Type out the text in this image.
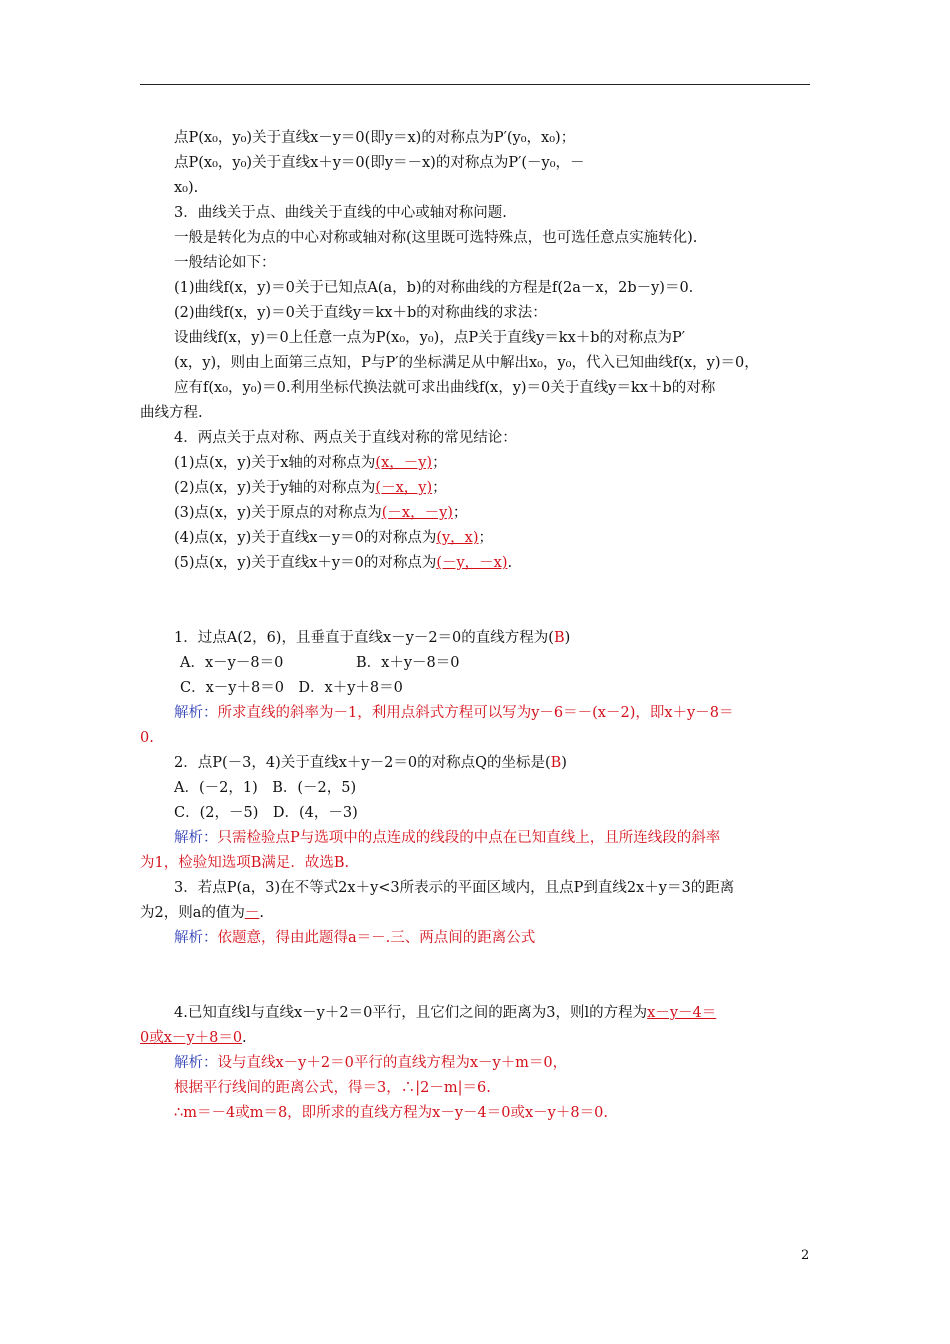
点P(x₀，y₀)关于直线x－y＝0(即y＝x)的对称点为P′(y₀，x₀)；
点P(x₀，y₀)关于直线x＋y＝0(即y＝－x)的对称点为P′(－y₀，－
x₀).
3．曲线关于点、曲线关于直线的中心或轴对称问题.
一般是转化为点的中心对称或轴对称(这里既可选特殊点，也可选任意点实施转化).
一般结论如下：
(1)曲线f(x，y)＝0关于已知点A(a，b)的对称曲线的方程是f(2a－x，2b－y)＝0.
(2)曲线f(x，y)＝0关于直线y＝kx＋b的对称曲线的求法：
设曲线f(x，y)＝0上任意一点为P(x₀，y₀)，点P关于直线y＝kx＋b的对称点为P′
(x，y)，则由上面第三点知，P与P′的坐标满足从中解出x₀，y₀，代入已知曲线f(x，y)＝0，
应有f(x₀，y₀)＝0.利用坐标代换法就可求出曲线f(x，y)＝0关于直线y＝kx＋b的对称
曲线方程.
4．两点关于点对称、两点关于直线对称的常见结论：
(1)点(x，y)关于x轴的对称点为(x，－y)；
(2)点(x，y)关于y轴的对称点为(－x，y)；
(3)点(x，y)关于原点的对称点为(－x，－y)；
(4)点(x，y)关于直线x－y＝0的对称点为(y，x)；
(5)点(x，y)关于直线x＋y＝0的对称点为(－y，－x).
1．过点A(2，6)，且垂直于直线x－y－2＝0的直线方程为(B)
A．x－y－8＝0	B．x＋y－8＝0
C．x－y＋8＝0　D．x＋y＋8＝0
解析：所求直线的斜率为－1，利用点斜式方程可以写为y－6＝－(x－2)，即x＋y－8＝
0.
2．点P(－3，4)关于直线x＋y－2＝0的对称点Q的坐标是(B)
A．(－2，1)　B．(－2，5)
C．(2，－5)　D．(4，－3)
解析：只需检验点P与选项中的点连成的线段的中点在已知直线上，且所连线段的斜率
为1，检验知选项B满足．故选B.
3．若点P(a，3)在不等式2x＋y<3所表示的平面区域内，且点P到直线2x＋y＝3的距离
为2，则a的值为－.
解析：依题意，得由此题得a＝－.三、两点间的距离公式
4.已知直线l与直线x－y＋2＝0平行，且它们之间的距离为3，则l的方程为x－y－4＝
0或x－y＋8＝0.
解析：设与直线x－y＋2＝0平行的直线方程为x－y＋m＝0，
根据平行线间的距离公式，得＝3，∴|2－m|＝6.
∴m＝－4或m＝8，即所求的直线方程为x－y－4＝0或x－y＋8＝0.
2
